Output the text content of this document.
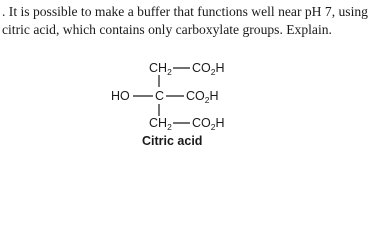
. It is possible to make a buffer that functions well near pH 7, using
citric acid, which contains only carboxylate groups. Explain.
$CH_2$ $CO_2H$
HO C $CO_2H$
$CH_2$ $CO_2H$
Citric acid
